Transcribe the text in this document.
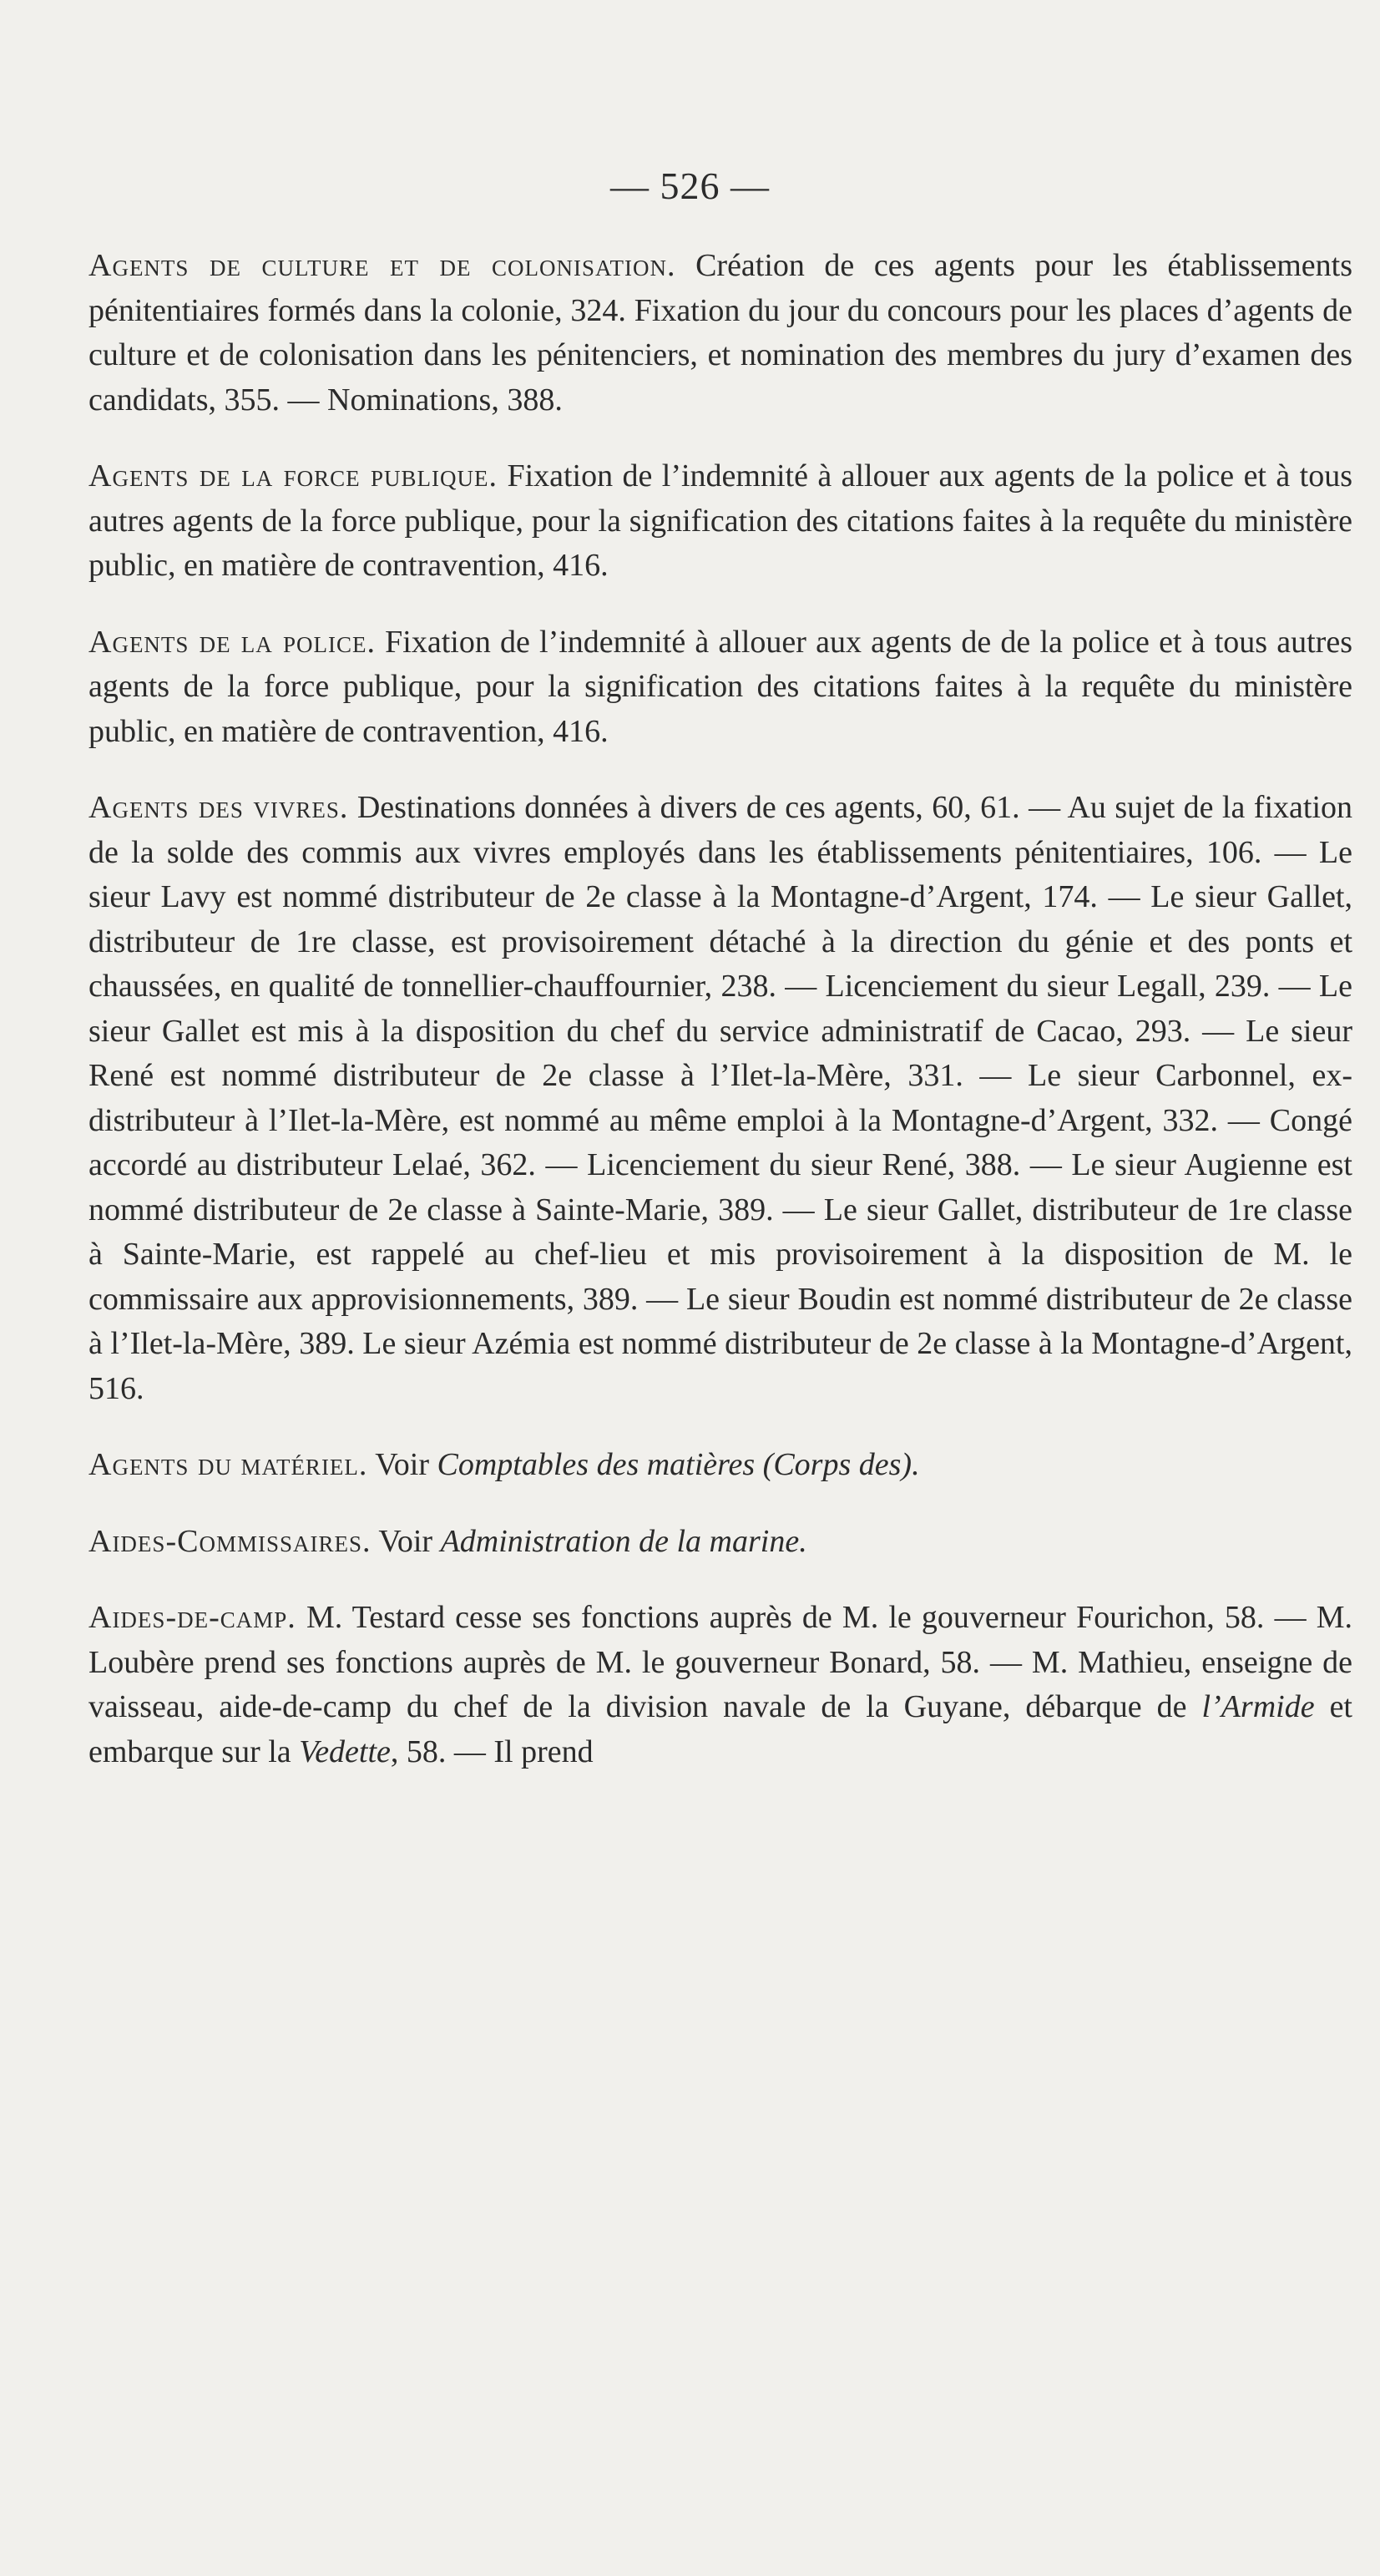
— 526 —

Agents de culture et de colonisation. Création de ces agents pour les établissements pénitentiaires formés dans la colonie, 324. Fixation du jour du concours pour les places d’agents de culture et de colonisation dans les pénitenciers, et nomination des membres du jury d’examen des candidats, 355. — Nominations, 388.

Agents de la force publique. Fixation de l’indemnité à allouer aux agents de la police et à tous autres agents de la force publique, pour la signification des citations faites à la requête du ministère public, en matière de contravention, 416.

Agents de la police. Fixation de l’indemnité à allouer aux agents de de la police et à tous autres agents de la force publique, pour la signification des citations faites à la requête du ministère public, en matière de contravention, 416.

Agents des vivres. Destinations données à divers de ces agents, 60, 61. — Au sujet de la fixation de la solde des commis aux vivres employés dans les établissements pénitentiaires, 106. — Le sieur Lavy est nommé distributeur de 2e classe à la Montagne-d’Argent, 174. — Le sieur Gallet, distributeur de 1re classe, est provisoirement détaché à la direction du génie et des ponts et chaussées, en qualité de tonnellier-chauffournier, 238. — Licenciement du sieur Legall, 239. — Le sieur Gallet est mis à la disposition du chef du service administratif de Cacao, 293. — Le sieur René est nommé distributeur de 2e classe à l’Ilet-la-Mère, 331. — Le sieur Carbonnel, ex-distributeur à l’Ilet-la-Mère, est nommé au même emploi à la Montagne-d’Argent, 332. — Congé accordé au distributeur Lelaé, 362. — Licenciement du sieur René, 388. — Le sieur Augienne est nommé distributeur de 2e classe à Sainte-Marie, 389. — Le sieur Gallet, distributeur de 1re classe à Sainte-Marie, est rappelé au chef-lieu et mis provisoirement à la disposition de M. le commissaire aux approvisionnements, 389. — Le sieur Boudin est nommé distributeur de 2e classe à l’Ilet-la-Mère, 389. Le sieur Azémia est nommé distributeur de 2e classe à la Montagne-d’Argent, 516.

Agents du matériel. Voir Comptables des matières (Corps des).

Aides-Commissaires. Voir Administration de la marine.

Aides-de-camp. M. Testard cesse ses fonctions auprès de M. le gouverneur Fourichon, 58. — M. Loubère prend ses fonctions auprès de M. le gouverneur Bonard, 58. — M. Mathieu, enseigne de vaisseau, aide-de-camp du chef de la division navale de la Guyane, débarque de l’Armide et embarque sur la Vedette, 58. — Il prend
